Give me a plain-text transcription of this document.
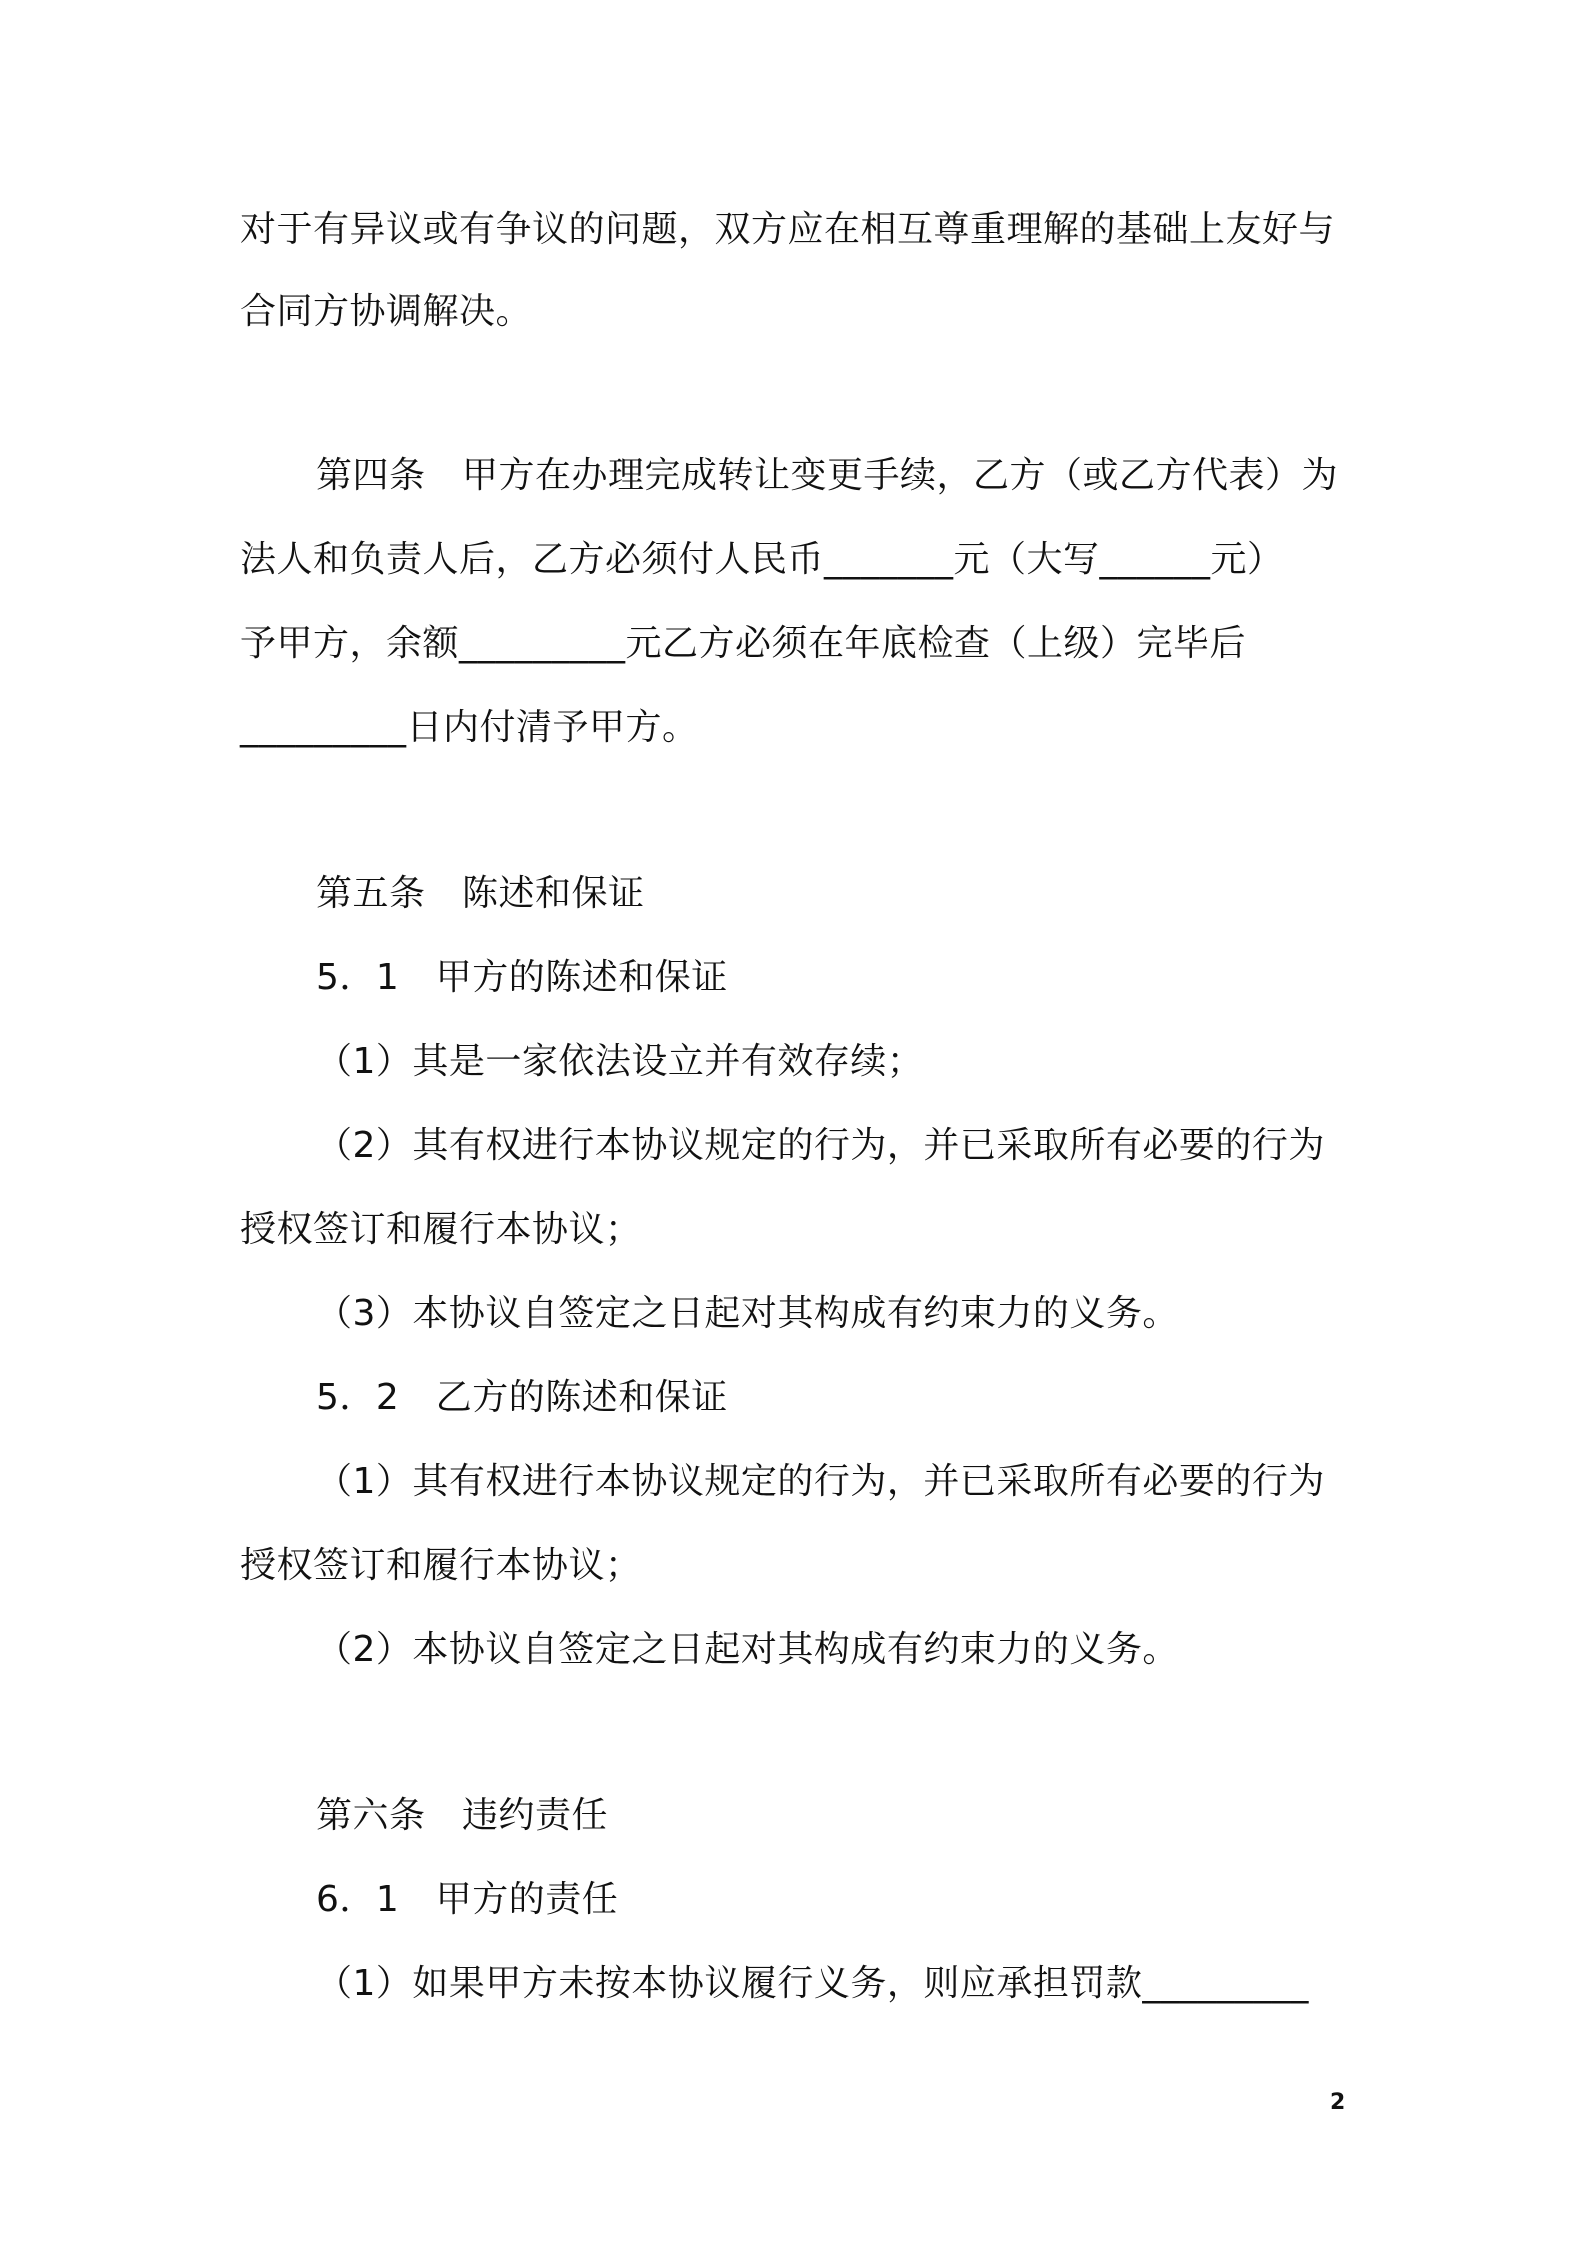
对于有异议或有争议的问题，双方应在相互尊重理解的基础上友好与
合同方协调解决。
第四条　甲方在办理完成转让变更手续，乙方（或乙方代表）为
法人和负责人后，乙方必须付人民币_______元（大写______元）
予甲方，余额_________元乙方必须在年底检查（上级）完毕后
_________日内付清予甲方。
第五条　陈述和保证
5．1　甲方的陈述和保证
（1）其是一家依法设立并有效存续；
（2）其有权进行本协议规定的行为，并已采取所有必要的行为
授权签订和履行本协议；
（3）本协议自签定之日起对其构成有约束力的义务。
5．2　乙方的陈述和保证
（1）其有权进行本协议规定的行为，并已采取所有必要的行为
授权签订和履行本协议；
（2）本协议自签定之日起对其构成有约束力的义务。
第六条　违约责任
6．1　甲方的责任
（1）如果甲方未按本协议履行义务，则应承担罚款_________
2
